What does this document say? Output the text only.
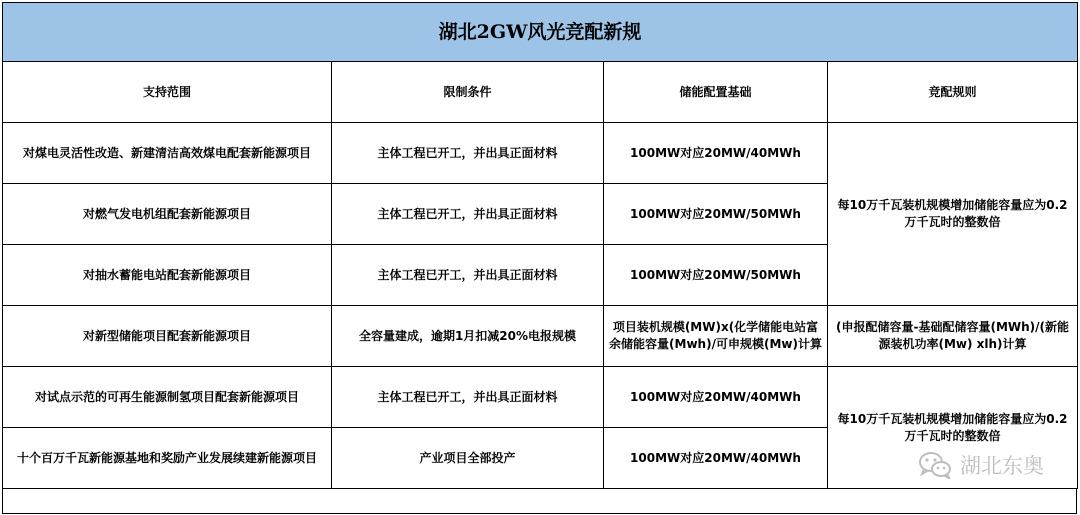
湖北2GW风光竞配新规			
支持范围	限制条件	储能配置基础	竞配规则
对煤电灵活性改造、新建清洁高效煤电配套新能源项目	主体工程已开工，并出具正面材料	100MW对应20MW/40MWh	每10万千瓦装机规模增加储能容量应为0.2万千瓦时的整数倍
对燃气发电机组配套新能源项目	主体工程已开工，并出具正面材料	100MW对应20MW/50MWh	
对抽水蓄能电站配套新能源项目	主体工程已开工，并出具正面材料	100MW对应20MW/50MWh	
对新型储能项目配套新能源项目	全容量建成，逾期1月扣减20%电报规模	项目装机规模(MW)x(化学储能电站富余储能容量(Mwh)/可申规模(Mw)计算	(申报配储容量-基础配储容量(MWh)/(新能源装机功率(Mw) xlh)计算
对试点示范的可再生能源制氢项目配套新能源项目	主体工程已开工，并出具正面材料	100MW对应20MW/40MWh	每10万千瓦装机规模增加储能容量应为0.2万千瓦时的整数倍
十个百万千瓦新能源基地和奖励产业发展续建新能源项目	产业项目全部投产	100MW对应20MW/40MWh		湖北东奥
